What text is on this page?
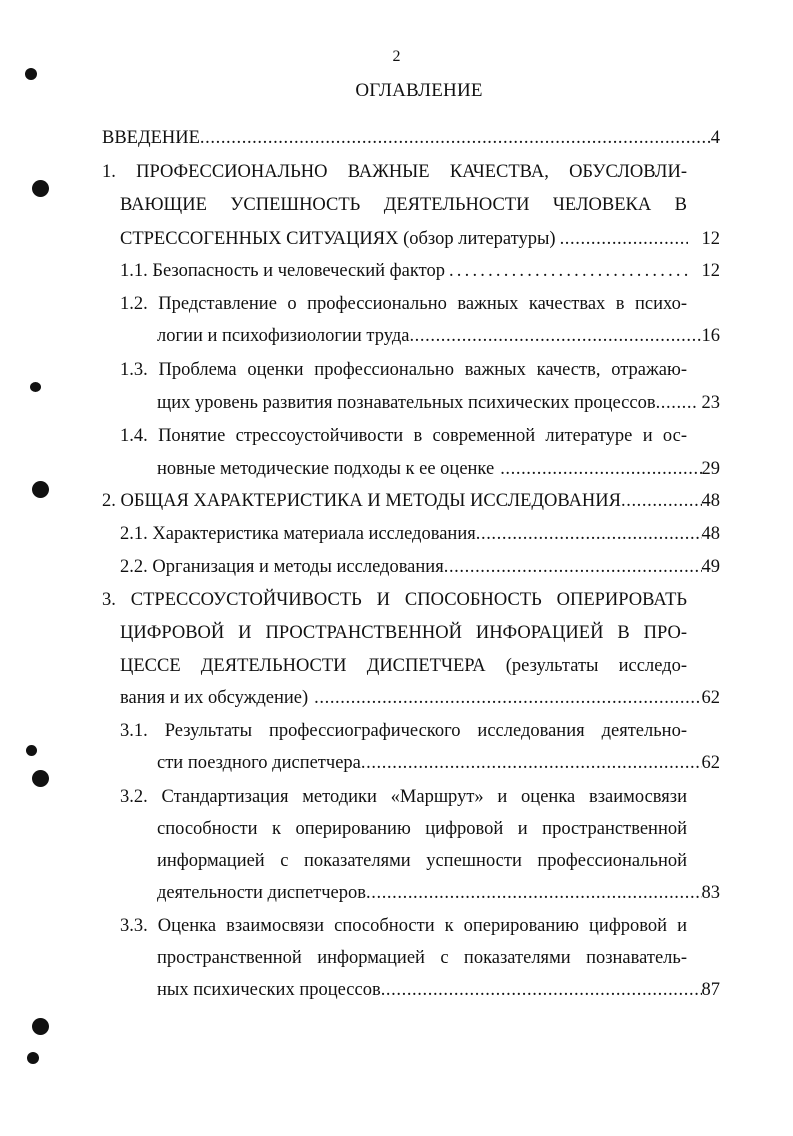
2
ОГЛАВЛЕНИЕ
ВВЕДЕНИЕ .....	4
1. ПРОФЕССИОНАЛЬНО ВАЖНЫЕ КАЧЕСТВА, ОБУСЛОВЛИ-
ВАЮЩИЕ УСПЕШНОСТЬ ДЕЯТЕЛЬНОСТИ ЧЕЛОВЕКА В
СТРЕССОГЕННЫХ СИТУАЦИЯХ (обзор литературы) .....	12
1.1. Безопасность и человеческий фактор .....	12
1.2. Представление о профессионально важных качествах в психо-
логии и психофизиологии труда .....	16
1.3. Проблема оценки профессионально важных качеств, отражаю-
щих уровень развития познавательных психических процессов ..... 23
1.4. Понятие стрессоустойчивости в современной литературе и ос-
новные методические подходы к ее оценке .....	29
2. ОБЩАЯ ХАРАКТЕРИСТИКА И МЕТОДЫ ИССЛЕДОВАНИЯ .....	48
2.1. Характеристика материала исследования .....	48
2.2. Организация и методы исследования .....	49
3. СТРЕССОУСТОЙЧИВОСТЬ И СПОСОБНОСТЬ ОПЕРИРОВАТЬ
ЦИФРОВОЙ И ПРОСТРАНСТВЕННОЙ ИНФОРАЦИЕЙ В ПРО-
ЦЕССЕ ДЕЯТЕЛЬНОСТИ ДИСПЕТЧЕРА (результаты исследо-
вания и их обсуждение) .....	62
3.1. Результаты профессиографического исследования деятельно-
сти поездного диспетчера .....	62
3.2. Стандартизация методики «Маршрут» и оценка взаимосвязи
способности к оперированию цифровой и пространственной
информацией с показателями успешности профессиональной
деятельности диспетчеров .....	83
3.3. Оценка взаимосвязи способности к оперированию цифровой и
пространственной информацией с показателями познаватель-
ных психических процессов .....	87
